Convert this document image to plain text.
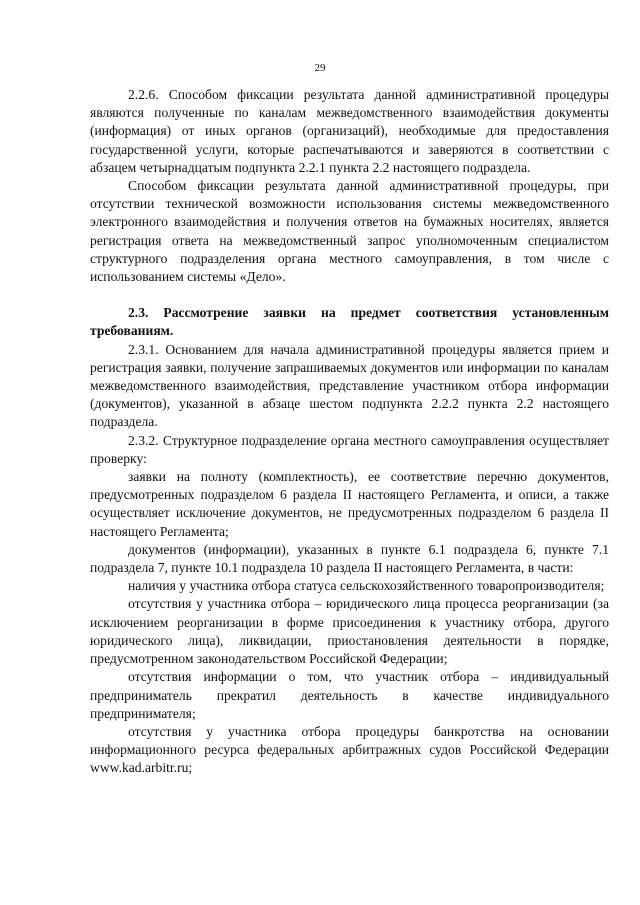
29

2.2.6. Способом фиксации результата данной административной процедуры являются полученные по каналам межведомственного взаимодействия документы (информация) от иных органов (организаций), необходимые для предоставления государственной услуги, которые распечатываются и заверяются в соответствии с абзацем четырнадцатым подпункта 2.2.1 пункта 2.2 настоящего подраздела.

Способом фиксации результата данной административной процедуры, при отсутствии технической возможности использования системы межведомственного электронного взаимодействия и получения ответов на бумажных носителях, является регистрация ответа на межведомственный запрос уполномоченным специалистом структурного подразделения органа местного самоуправления, в том числе с использованием системы «Дело».

2.3. Рассмотрение заявки на предмет соответствия установленным требованиям.

2.3.1. Основанием для начала административной процедуры является прием и регистрация заявки, получение запрашиваемых документов или информации по каналам межведомственного взаимодействия, представление участником отбора информации (документов), указанной в абзаце шестом подпункта 2.2.2 пункта 2.2 настоящего подраздела.

2.3.2. Структурное подразделение органа местного самоуправления осуществляет проверку:

заявки на полноту (комплектность), ее соответствие перечню документов, предусмотренных подразделом 6 раздела II настоящего Регламента, и описи, а также осуществляет исключение документов, не предусмотренных подразделом 6 раздела II настоящего Регламента;

документов (информации), указанных в пункте 6.1 подраздела 6, пункте 7.1 подраздела 7, пункте 10.1 подраздела 10 раздела II настоящего Регламента, в части:

наличия у участника отбора статуса сельскохозяйственного товаропроизводителя;

отсутствия у участника отбора – юридического лица процесса реорганизации (за исключением реорганизации в форме присоединения к участнику отбора, другого юридического лица), ликвидации, приостановления деятельности в порядке, предусмотренном законодательством Российской Федерации;

отсутствия информации о том, что участник отбора – индивидуальный предприниматель прекратил деятельность в качестве индивидуального предпринимателя;

отсутствия у участника отбора процедуры банкротства на основании информационного ресурса федеральных арбитражных судов Российской Федерации www.kad.arbitr.ru;
